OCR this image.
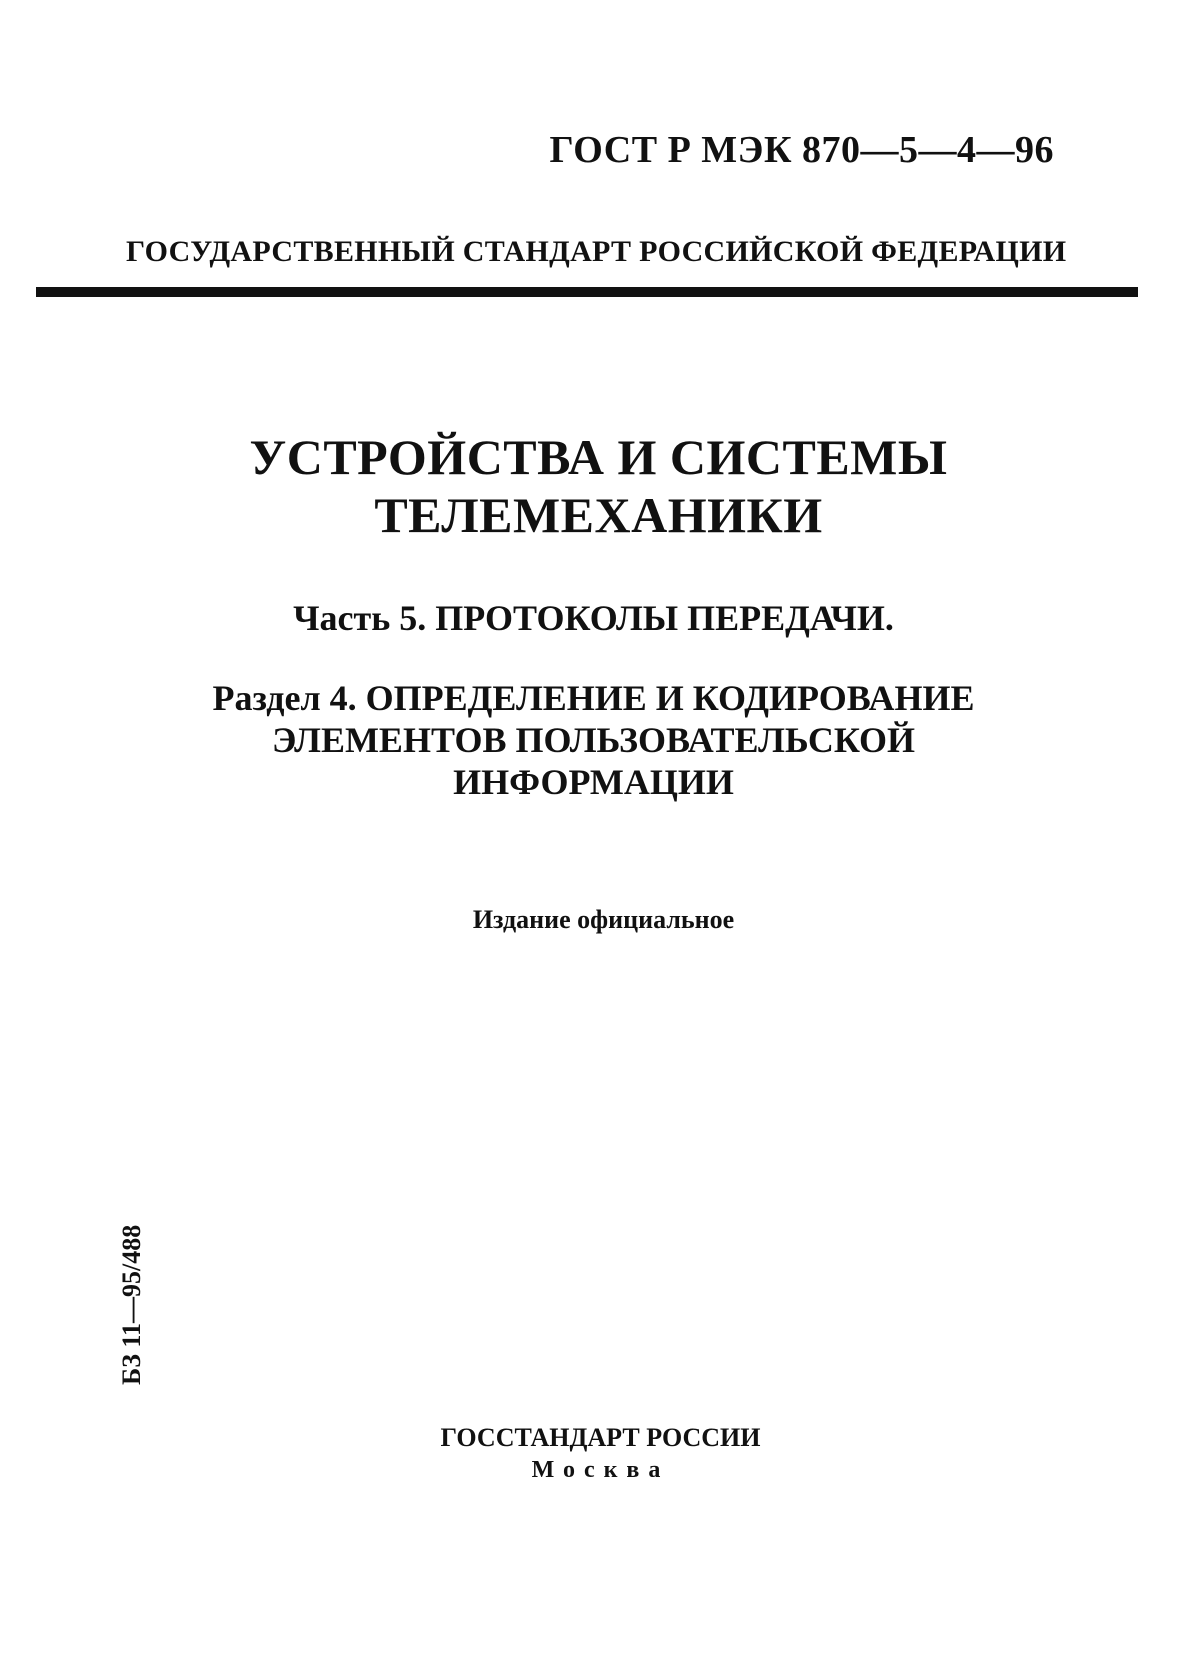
ГОСТ Р МЭК 870—5—4—96
ГОСУДАРСТВЕННЫЙ СТАНДАРТ РОССИЙСКОЙ ФЕДЕРАЦИИ
УСТРОЙСТВА И СИСТЕМЫ
ТЕЛЕМЕХАНИКИ
Часть 5. ПРОТОКОЛЫ ПЕРЕДАЧИ.
Раздел 4. ОПРЕДЕЛЕНИЕ И КОДИРОВАНИЕ
ЭЛЕМЕНТОВ ПОЛЬЗОВАТЕЛЬСКОЙ
ИНФОРМАЦИИ
Издание официальное
БЗ 11—95/488
ГОССТАНДАРТ РОССИИ
Москва
